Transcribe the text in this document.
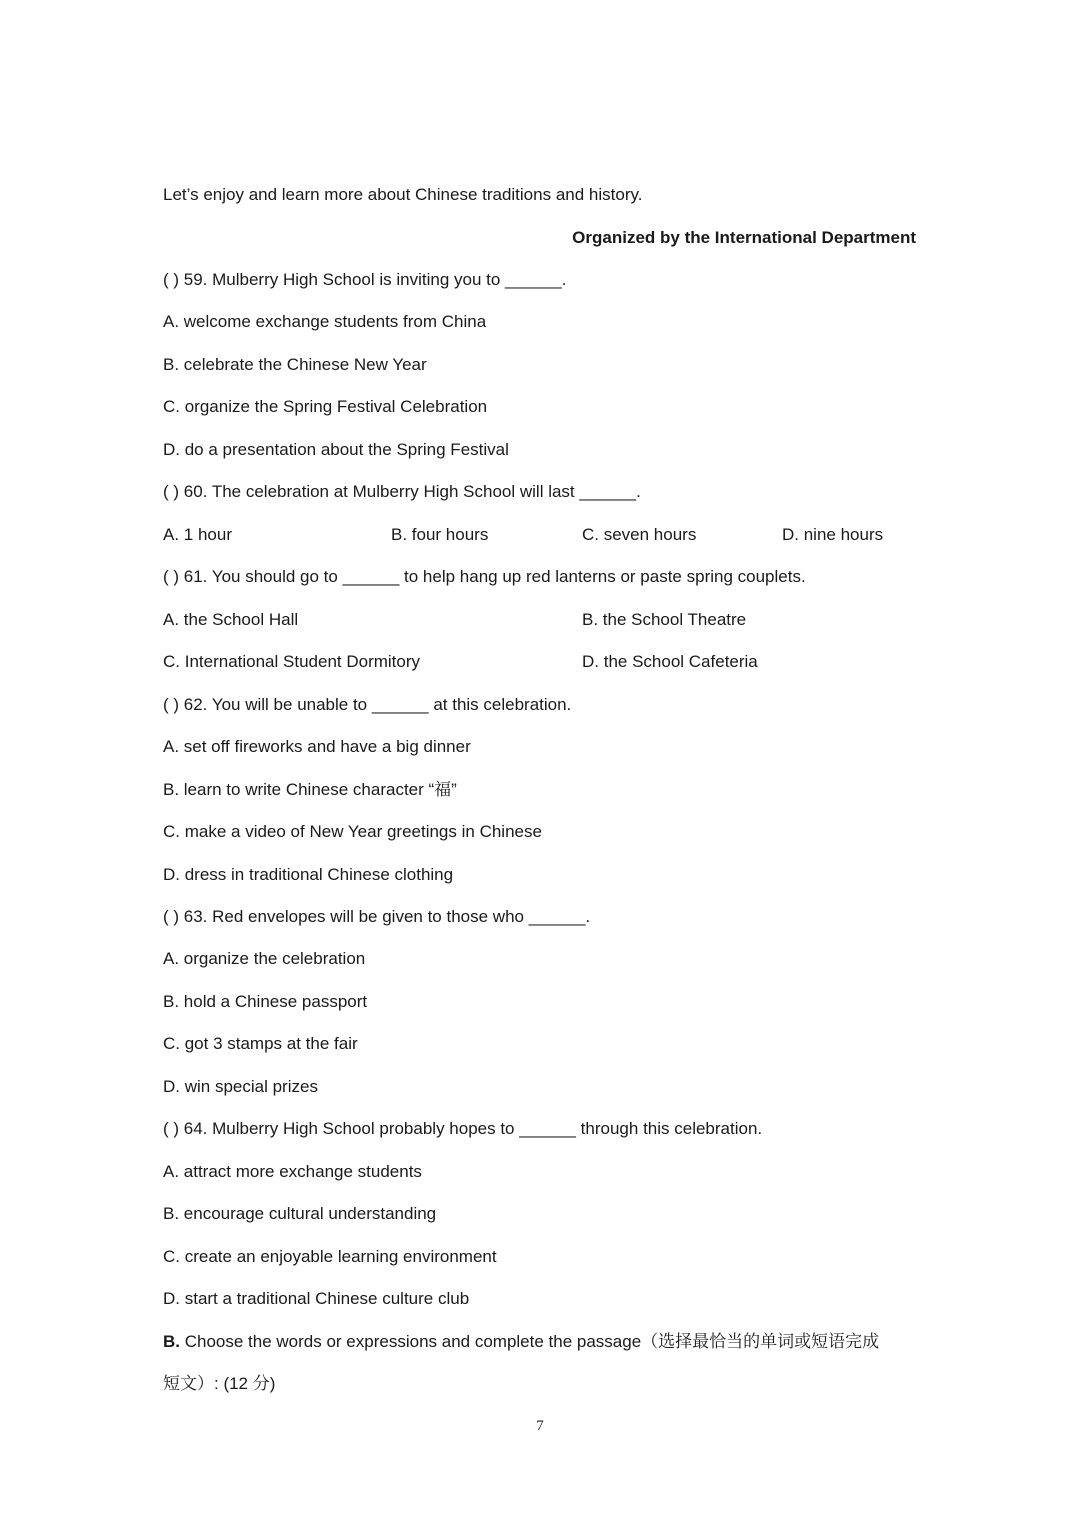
Let’s enjoy and learn more about Chinese traditions and history.
Organized by the International Department
( ) 59. Mulberry High School is inviting you to ______.
A. welcome exchange students from China
B. celebrate the Chinese New Year
C. organize the Spring Festival Celebration
D. do a presentation about the Spring Festival
( ) 60. The celebration at Mulberry High School will last ______.
A. 1 hour	B. four hours	C. seven hours	D. nine hours
( ) 61. You should go to ______ to help hang up red lanterns or paste spring couplets.
A. the School Hall	B. the School Theatre
C. International Student Dormitory	D. the School Cafeteria
( ) 62. You will be unable to ______ at this celebration.
A. set off fireworks and have a big dinner
B. learn to write Chinese character “福”
C. make a video of New Year greetings in Chinese
D. dress in traditional Chinese clothing
( ) 63. Red envelopes will be given to those who ______.
A. organize the celebration
B. hold a Chinese passport
C. got 3 stamps at the fair
D. win special prizes
( ) 64. Mulberry High School probably hopes to ______ through this celebration.
A. attract more exchange students
B. encourage cultural understanding
C. create an enjoyable learning environment
D. start a traditional Chinese culture club
B. Choose the words or expressions and complete the passage（选择最恰当的单词或短语完成
短文）: (12 分)
7
